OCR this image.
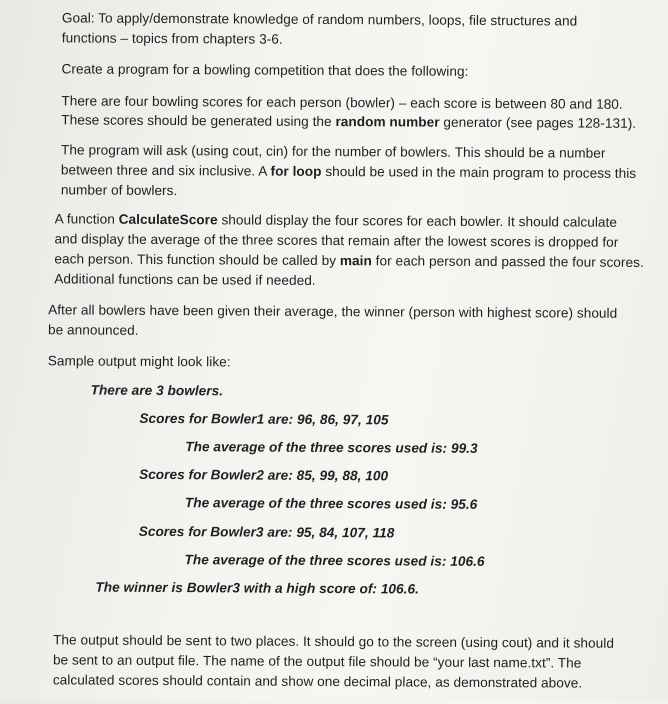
Goal: To apply/demonstrate knowledge of random numbers, loops, file structures and
functions – topics from chapters 3-6.
Create a program for a bowling competition that does the following:
There are four bowling scores for each person (bowler) – each score is between 80 and 180.
These scores should be generated using the random number generator (see pages 128-131).
The program will ask (using cout, cin) for the number of bowlers. This should be a number
between three and six inclusive. A for loop should be used in the main program to process this
number of bowlers.
A function CalculateScore should display the four scores for each bowler. It should calculate
and display the average of the three scores that remain after the lowest scores is dropped for
each person. This function should be called by main for each person and passed the four scores.
Additional functions can be used if needed.
After all bowlers have been given their average, the winner (person with highest score) should
be announced.
Sample output might look like:
There are 3 bowlers.
Scores for Bowler1 are: 96, 86, 97, 105
The average of the three scores used is: 99.3
Scores for Bowler2 are: 85, 99, 88, 100
The average of the three scores used is: 95.6
Scores for Bowler3 are: 95, 84, 107, 118
The average of the three scores used is: 106.6
The winner is Bowler3 with a high score of: 106.6.
The output should be sent to two places. It should go to the screen (using cout) and it should
be sent to an output file. The name of the output file should be “your last name.txt”. The
calculated scores should contain and show one decimal place, as demonstrated above.
